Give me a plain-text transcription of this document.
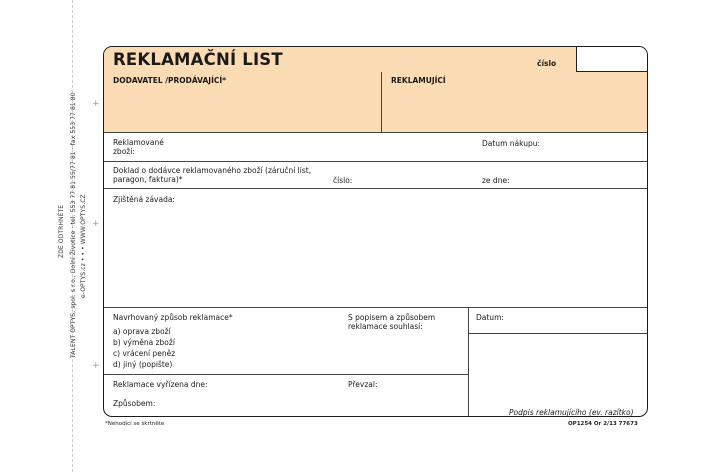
+
+
+
ZDE ODTRHNĚTE TALENT OPTYS, spol. s r.o., Dolní Životice · tel. 553 77 81 55/77 81 · fax 553 77 81 80 e-OPTYS.cz • • • WWW.OPTYS.CZ
REKLAMAČNÍ LIST	číslo
DODAVATEL /PRODÁVAJÍCÍ*	REKLAMUJÍCÍ
Reklamované zboží:
Datum nákupu:
Doklad o dodávce reklamovaného zboží (záruční list, paragon, faktura)*	číslo:	ze dne:
Zjištěná závada:
Navrhovaný způsob reklamace*
a) oprava zboží
b) výměna zboží
c) vrácení peněz
d) jiný (popište)
S popisem a způsobem reklamace souhlasí:
Datum:
Reklamace vyřízena dne:	Převzal:
Způsobem:
Podpis reklamujícího (ev. razítko)
*Nehodící se škrtněte	OP1254 Or 2/13 77673
